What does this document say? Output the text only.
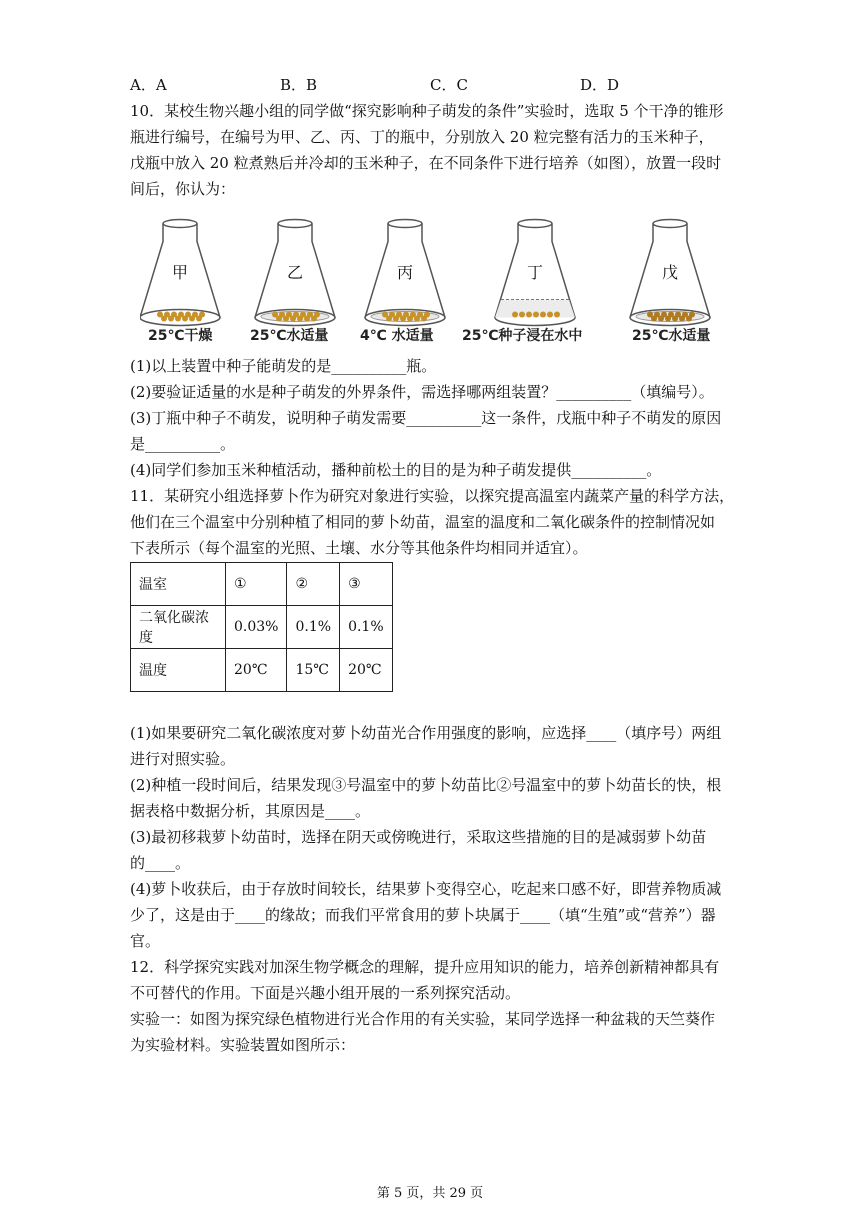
A．A	B．B	C．C	D．D
10．某校生物兴趣小组的同学做“探究影响种子萌发的条件”实验时，选取 5 个干净的锥形
瓶进行编号，在编号为甲、乙、丙、丁的瓶中，分别放入 20 粒完整有活力的玉米种子，
戊瓶中放入 20 粒煮熟后并冷却的玉米种子，在不同条件下进行培养（如图），放置一段时
间后，你认为：
甲	乙	丙	丁	戊
25℃干燥	25℃水适量 4℃ 水适量 25℃种子浸在水中	25℃水适量
(1)以上装置中种子能萌发的是__________瓶。
(2)要验证适量的水是种子萌发的外界条件，需选择哪两组装置？__________（填编号）。
(3)丁瓶中种子不萌发，说明种子萌发需要__________这一条件，戊瓶中种子不萌发的原因
是__________。
(4)同学们参加玉米种植活动，播种前松土的目的是为种子萌发提供__________。
11．某研究小组选择萝卜作为研究对象进行实验，以探究提高温室内蔬菜产量的科学方法，
他们在三个温室中分别种植了相同的萝卜幼苗，温室的温度和二氧化碳条件的控制情况如
下表所示（每个温室的光照、土壤、水分等其他条件均相同并适宜）。
温室	①	②	③
二氧化碳浓度	0.03%	0.1%	0.1%
温度	20℃	15℃	20℃
(1)如果要研究二氧化碳浓度对萝卜幼苗光合作用强度的影响，应选择____（填序号）两组
进行对照实验。
(2)种植一段时间后，结果发现③号温室中的萝卜幼苗比②号温室中的萝卜幼苗长的快，根
据表格中数据分析，其原因是____。
(3)最初移栽萝卜幼苗时，选择在阴天或傍晚进行，采取这些措施的目的是减弱萝卜幼苗
的____。
(4)萝卜收获后，由于存放时间较长，结果萝卜变得空心，吃起来口感不好，即营养物质减
少了，这是由于____的缘故；而我们平常食用的萝卜块属于____（填“生殖”或“营养”）器
官。
12．科学探究实践对加深生物学概念的理解，提升应用知识的能力，培养创新精神都具有
不可替代的作用。下面是兴趣小组开展的一系列探究活动。
实验一：如图为探究绿色植物进行光合作用的有关实验，某同学选择一种盆栽的天竺葵作
为实验材料。实验装置如图所示：
第 5 页，共 29 页
